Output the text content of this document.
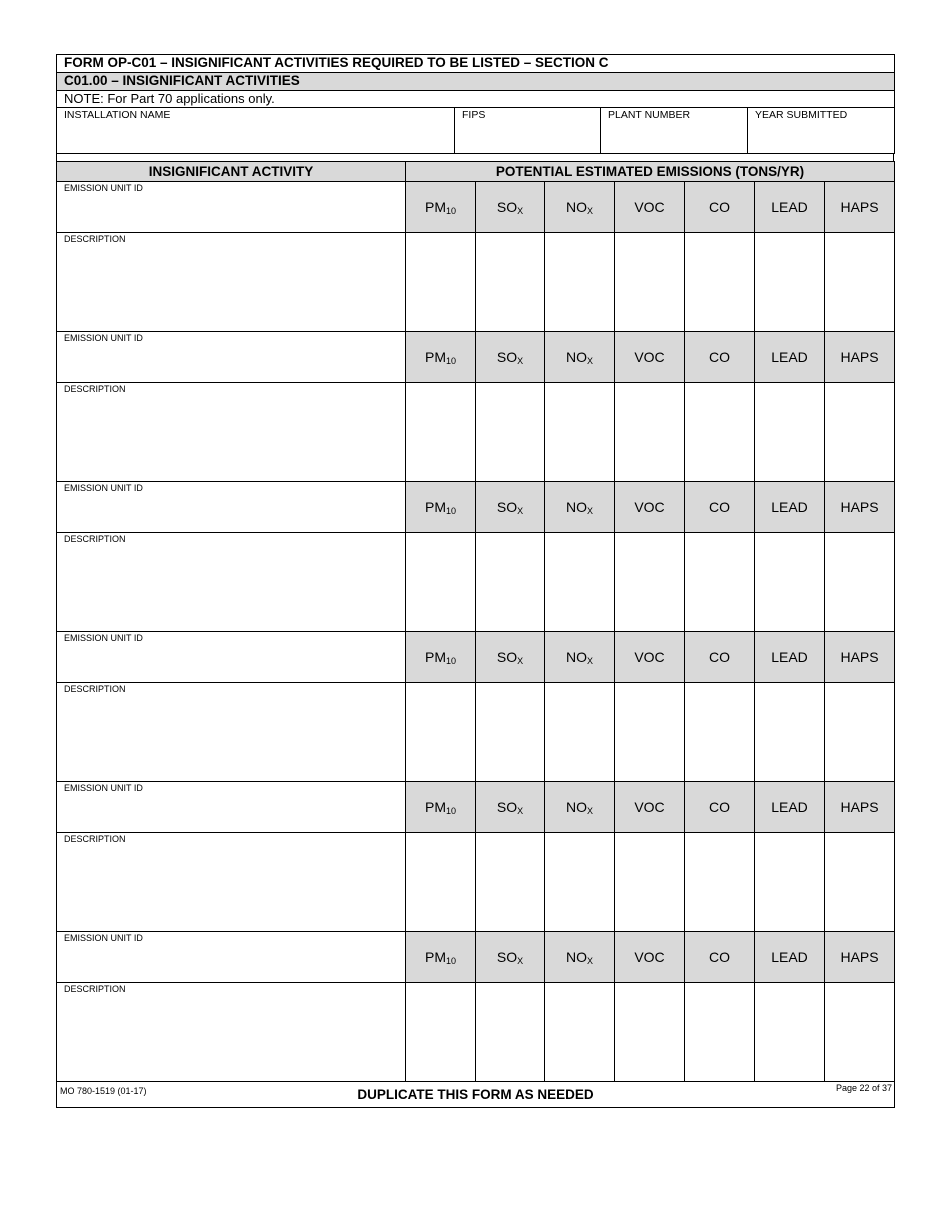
FORM OP-C01 – INSIGNIFICANT ACTIVITIES REQUIRED TO BE LISTED – SECTION C
C01.00 – INSIGNIFICANT ACTIVITIES
NOTE: For Part 70 applications only.
INSTALLATION NAME	FIPS	PLANT NUMBER	YEAR SUBMITTED
INSIGNIFICANT ACTIVITY	POTENTIAL ESTIMATED EMISSIONS (TONS/YR)						
EMISSION UNIT ID	$PM_{10}$	$SO_X$	$NO_X$	VOC	CO	LEAD	HAPS
DESCRIPTION							
EMISSION UNIT ID	$PM_{10}$	$SO_X$	$NO_X$	VOC	CO	LEAD	HAPS
DESCRIPTION							
EMISSION UNIT ID	$PM_{10}$	$SO_X$	$NO_X$	VOC	CO	LEAD	HAPS
DESCRIPTION							
EMISSION UNIT ID	$PM_{10}$	$SO_X$	$NO_X$	VOC	CO	LEAD	HAPS
DESCRIPTION							
EMISSION UNIT ID	$PM_{10}$	$SO_X$	$NO_X$	VOC	CO	LEAD	HAPS
DESCRIPTION							
EMISSION UNIT ID	$PM_{10}$	$SO_X$	$NO_X$	VOC	CO	LEAD	HAPS
DESCRIPTION							
DUPLICATE THIS FORM AS NEEDED							
MO 780-1519 (01-17)	Page 22 of 37
